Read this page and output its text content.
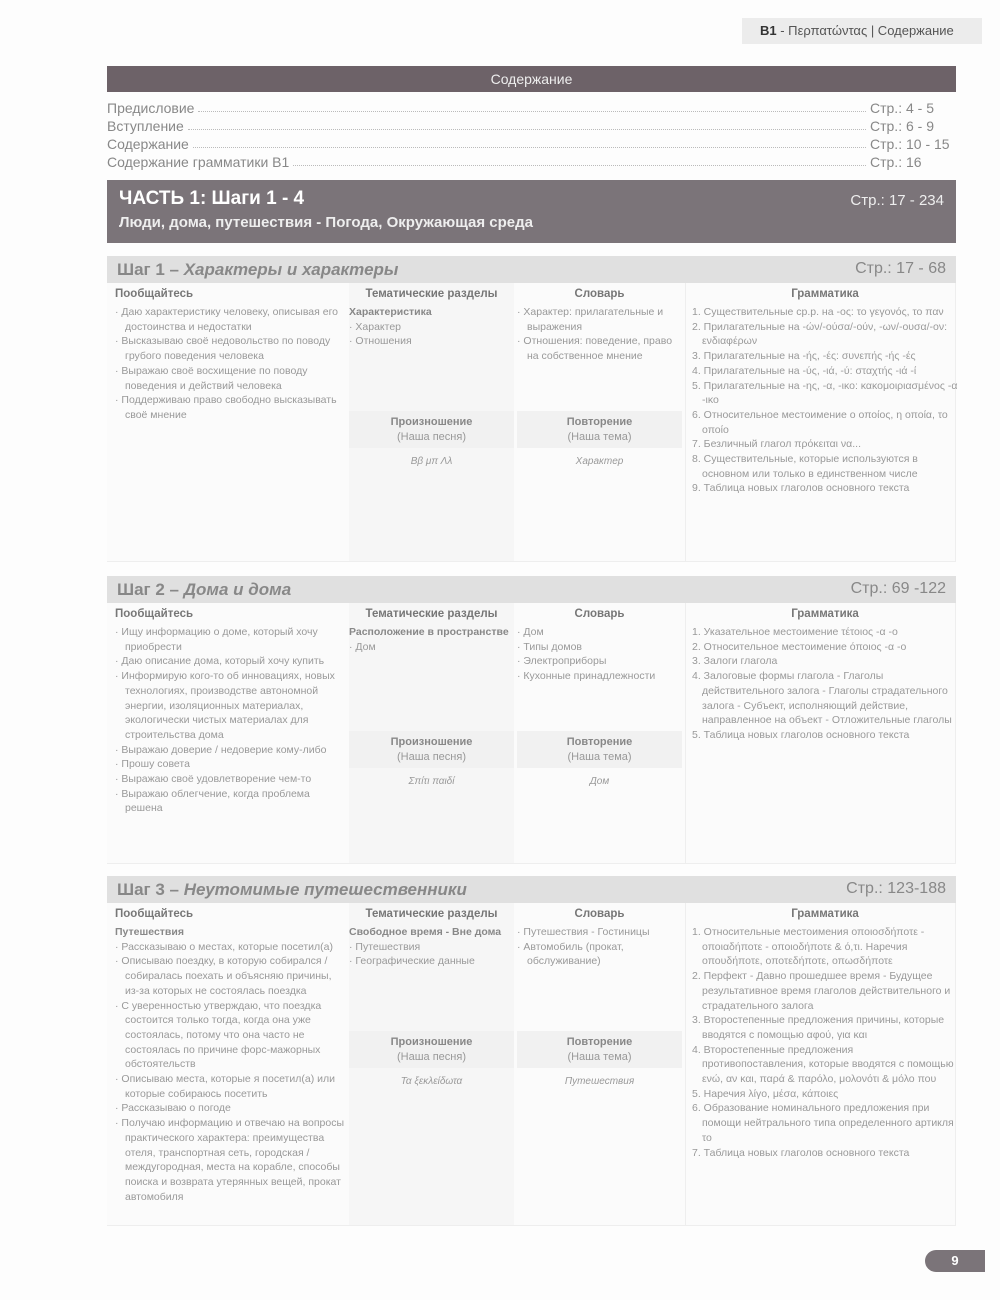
B1 - Περπατώντας | Содержание
Содержание
Предисловие	Стр.: 4 - 5
Вступление	Стр.: 6 - 9
Содержание	Стр.: 10 - 15
Содержание грамматики B1	Стр.: 16
ЧАСТЬ 1: Шаги 1 - 4
Люди, дома, путешествия - Погода, Окружающая среда
Стр.: 17 - 234
Шаг 1 – Характеры и характеры	Стр.: 17 - 68
Пообщайтесь
· Даю характеристику человеку, описывая его достоинства и недостатки
· Высказываю своё недовольство по поводу грубого поведения человека
· Выражаю своё восхищение по поводу поведения и действий человека
· Поддерживаю право свободно высказывать своё мнение
Тематические разделы
Характеристика
· Характер
· Отношения
Произношение
(Наша песня)
Ββ μπ Λλ
Словарь
· Характер: прилагательные и выражения
· Отношения: поведение, право на собственное мнение
Повторение
(Наша тема)
Характер
Грамматика
1. Существительные ср.р. на -ος: το γεγονός, το παν
2. Прилагательные на -ών/-ούσα/-ούν, -ων/-ουσα/-ον: ενδιαφέρων
3. Прилагательные на -ής, -ές: συνεπής -ής -ές
4. Прилагательные на -ύς, -ιά, -ύ: σταχτής -ιά -ί
5. Прилагательные на -ης, -α, -ικο: κακομοιριασμένος -α -ικο
6. Относительное местоимение ο οποίος, η οποία, το οποίο
7. Безличный глагол πρόκειται να...
8. Существительные, которые используются в основном или только в единственном числе
9. Таблица новых глаголов основного текста
Шаг 2 – Дома и дома	Стр.: 69 -122
Пообщайтесь
· Ищу информацию о доме, который хочу приобрести
· Даю описание дома, который хочу купить
· Информирую кого-то об инновациях, новых технологиях, производстве автономной энергии, изоляционных материалах, экологически чистых материалах для строительства дома
· Выражаю доверие / недоверие кому-либо
· Прошу совета
· Выражаю своё удовлетворение чем-то
· Выражаю облегчение, когда проблема решена
Тематические разделы
Расположение в пространстве
· Дом
Произношение
(Наша песня)
Σπίτι παιδί
Словарь
· Дом
· Типы домов
· Электроприборы
· Кухонные принадлежности
Повторение
(Наша тема)
Дом
Грамматика
1. Указательное местоимение τέτοιος -α -ο
2. Относительное местоимение όποιος -α -ο
3. Залоги глагола
4. Залоговые формы глагола - Глаголы действительного залога - Глаголы страдательного залога - Субъект, исполняющий действие, направленное на объект - Отложительные глаголы
5. Таблица новых глаголов основного текста
Шаг 3 – Неутомимые путешественники	Стр.: 123-188
Пообщайтесь
Путешествия
· Рассказываю о местах, которые посетил(а)
· Описываю поездку, в которую собирался / собиралась поехать и объясняю причины, из-за которых не состоялась поездка
· С уверенностью утверждаю, что поездка состоится только тогда, когда она уже состоялась, потому что она часто не состоялась по причине форс-мажорных обстоятельств
· Описываю места, которые я посетил(а) или которые собираюсь посетить
· Рассказываю о погоде
· Получаю информацию и отвечаю на вопросы практического характера: преимущества отеля, транспортная сеть, городская / междугородная, места на корабле, способы поиска и возврата утерянных вещей, прокат автомобиля
Тематические разделы
Свободное время - Вне дома
· Путешествия
· Географические данные
Произношение
(Наша песня)
Τα ξεκλείδωτα
Словарь
· Путешествия - Гостиницы
· Автомобиль (прокат, обслуживание)
Повторение
(Наша тема)
Путешествия
Грамматика
1. Относительные местоимения οποιοσδήποτε - οποιαδήποτε - οποιοδήποτε & ό,τι. Наречия οπουδήποτε, οποτεδήποτε, οπωσδήποτε
2. Перфект - Давно прошедшее время - Будущее результативное время глаголов действительного и страдательного залога
3. Второстепенные предложения причины, которые вводятся с помощью αφού, για και
4. Второстепенные предложения противопоставления, которые вводятся с помощью ενώ, αν και, παρά & παρόλο, μολονότι & μόλο που
5. Наречия λίγο, μέσα, κάποιες
6. Образование номинального предложения при помощи нейтрального типа определенного артикля το
7. Таблица новых глаголов основного текста
9
